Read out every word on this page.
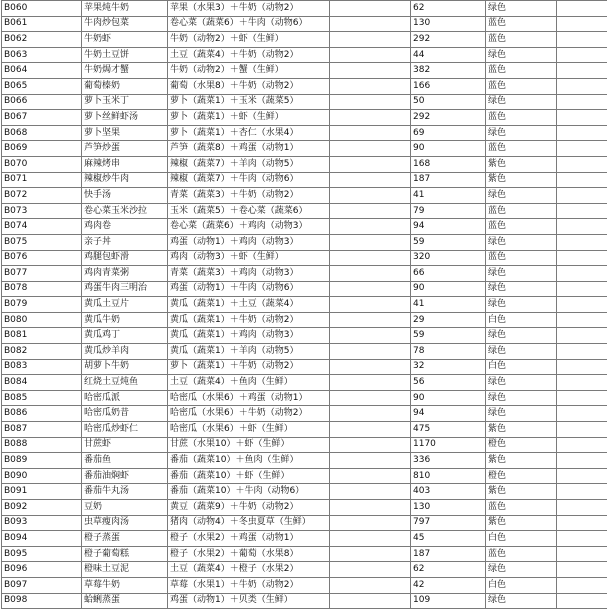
B060	苹果炖牛奶	苹果（水果3）＋牛奶（动物2）		62	绿色	
B061	牛肉炒包菜	卷心菜（蔬菜6）＋牛肉（动物6）		130	蓝色	
B062	牛奶虾	牛奶（动物2）＋虾（生鲜）		292	蓝色	
B063	牛奶土豆饼	土豆（蔬菜4）＋牛奶（动物2）		44	绿色	
B064	牛奶焗才蟹	牛奶（动物2）＋蟹（生鲜）		382	蓝色	
B065	葡萄榛奶	葡萄（水果8）＋牛奶（动物2）		166	蓝色	
B066	萝卜玉米丁	萝卜（蔬菜1）＋玉米（蔬菜5）		50	绿色	
B067	萝卜丝鲜虾汤	萝卜（蔬菜1）＋虾（生鲜）		292	蓝色	
B068	萝卜坚果	萝卜（蔬菜1）＋杏仁（水果4）		69	绿色	
B069	芦笋炒蛋	芦笋（蔬菜8）＋鸡蛋（动物1）		90	蓝色	
B070	麻辣烤串	辣椒（蔬菜7）＋羊肉（动物5）		168	紫色	
B071	辣椒炒牛肉	辣椒（蔬菜7）＋牛肉（动物6）		187	紫色	
B072	快手汤	青菜（蔬菜3）＋牛奶（动物2）		41	绿色	
B073	卷心菜玉米沙拉	玉米（蔬菜5）＋卷心菜（蔬菜6）		79	蓝色	
B074	鸡肉卷	卷心菜（蔬菜6）＋鸡肉（动物3）		94	蓝色	
B075	亲子丼	鸡蛋（动物1）＋鸡肉（动物3）		59	绿色	
B076	鸡腿包虾滑	鸡肉（动物3）＋虾（生鲜）		320	蓝色	
B077	鸡肉青菜粥	青菜（蔬菜3）＋鸡肉（动物3）		66	绿色	
B078	鸡蛋牛肉三明治	鸡蛋（动物1）＋牛肉（动物6）		90	绿色	
B079	黄瓜土豆片	黄瓜（蔬菜1）＋土豆（蔬菜4）		41	绿色	
B080	黄瓜牛奶	黄瓜（蔬菜1）＋牛奶（动物2）		29	白色	
B081	黄瓜鸡丁	黄瓜（蔬菜1）＋鸡肉（动物3）		59	绿色	
B082	黄瓜炒羊肉	黄瓜（蔬菜1）＋羊肉（动物5）		78	绿色	
B083	胡萝卜牛奶	萝卜（蔬菜1）＋牛奶（动物2）		32	白色	
B084	红烧土豆炖鱼	土豆（蔬菜4）＋鱼肉（生鲜）		56	绿色	
B085	哈密瓜派	哈密瓜（水果6）＋鸡蛋（动物1）		90	绿色	
B086	哈密瓜奶昔	哈密瓜（水果6）＋牛奶（动物2）		94	绿色	
B087	哈密瓜炒虾仁	哈密瓜（水果6）＋虾（生鲜）		475	紫色	
B088	甘蔗虾	甘蔗（水果10）＋虾（生鲜）		1170	橙色	
B089	番茄鱼	番茄（蔬菜10）＋鱼肉（生鲜）		336	紫色	
B090	番茄油焖虾	番茄（蔬菜10）＋虾（生鲜）		810	橙色	
B091	番茄牛丸汤	番茄（蔬菜10）＋牛肉（动物6）		403	紫色	
B092	豆奶	黄豆（蔬菜9）＋牛奶（动物2）		130	蓝色	
B093	虫草瘦肉汤	猪肉（动物4）＋冬虫夏草（生鲜）		797	紫色	
B094	橙子蒸蛋	橙子（水果2）＋鸡蛋（动物1）		45	白色	
B095	橙子葡萄糕	橙子（水果2）＋葡萄（水果8）		187	蓝色	
B096	橙味土豆泥	土豆（蔬菜4）＋橙子（水果2）		62	绿色	
B097	草莓牛奶	草莓（水果1）＋牛奶（动物2）		42	白色	
B098	蛤蜊蒸蛋	鸡蛋（动物1）＋贝类（生鲜）		109	绿色	
